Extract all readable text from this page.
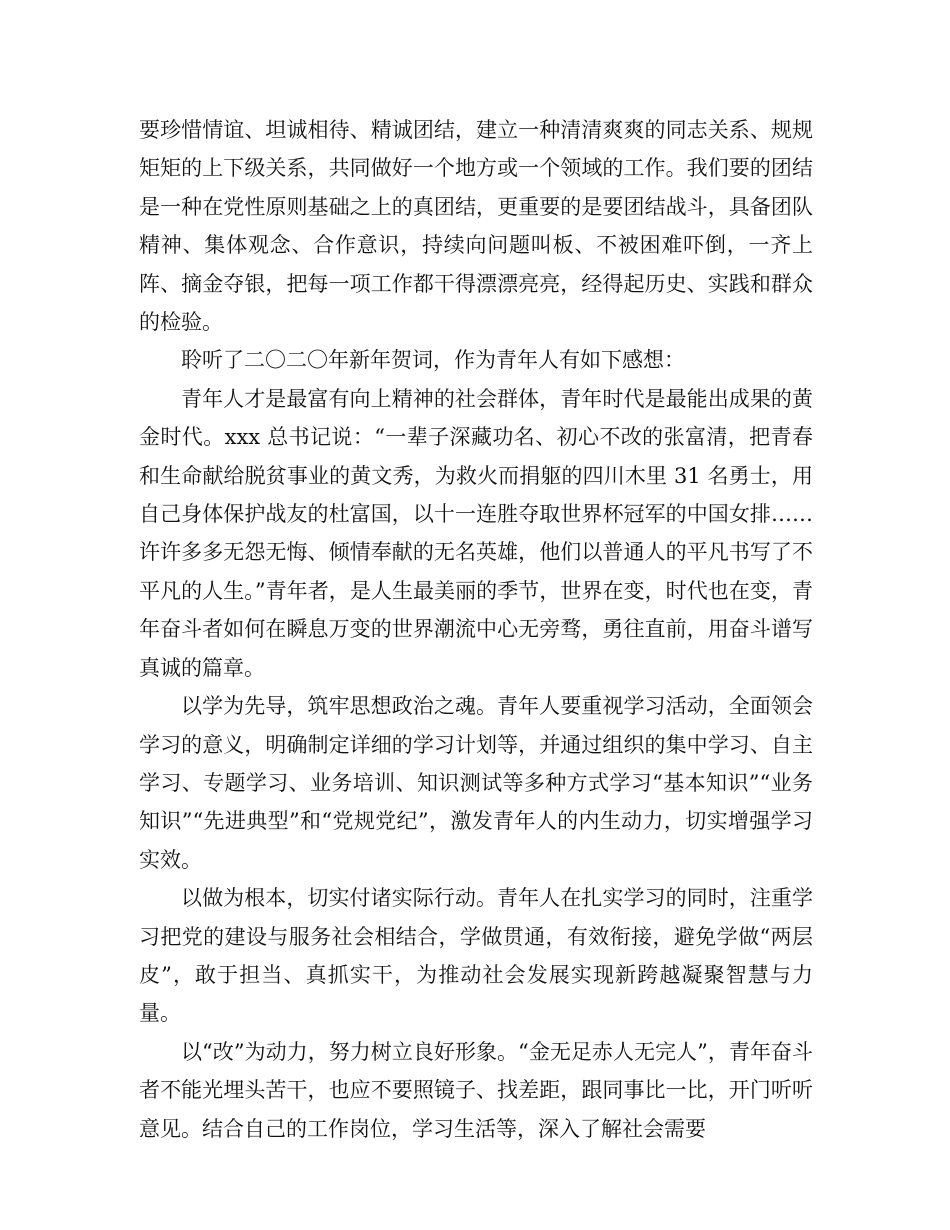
要珍惜情谊、坦诚相待、精诚团结，建立一种清清爽爽的同志关系、规规矩矩的上下级关系，共同做好一个地方或一个领域的工作。我们要的团结是一种在党性原则基础之上的真团结，更重要的是要团结战斗，具备团队精神、集体观念、合作意识，持续向问题叫板、不被困难吓倒，一齐上阵、摘金夺银，把每一项工作都干得漂漂亮亮，经得起历史、实践和群众的检验。

聆听了二〇二〇年新年贺词，作为青年人有如下感想：

青年人才是最富有向上精神的社会群体，青年时代是最能出成果的黄金时代。xxx 总书记说：“一辈子深藏功名、初心不改的张富清，把青春和生命献给脱贫事业的黄文秀，为救火而捐躯的四川木里 31 名勇士，用自己身体保护战友的杜富国，以十一连胜夺取世界杯冠军的中国女排……许许多多无怨无悔、倾情奉献的无名英雄，他们以普通人的平凡书写了不平凡的人生。”青年者，是人生最美丽的季节，世界在变，时代也在变，青年奋斗者如何在瞬息万变的世界潮流中心无旁骛，勇往直前，用奋斗谱写真诚的篇章。

以学为先导，筑牢思想政治之魂。青年人要重视学习活动，全面领会学习的意义，明确制定详细的学习计划等，并通过组织的集中学习、自主学习、专题学习、业务培训、知识测试等多种方式学习“基本知识”“业务知识”“先进典型”和“党规党纪”，激发青年人的内生动力，切实增强学习实效。

以做为根本，切实付诸实际行动。青年人在扎实学习的同时，注重学习把党的建设与服务社会相结合，学做贯通，有效衔接，避免学做“两层皮”，敢于担当、真抓实干，为推动社会发展实现新跨越凝聚智慧与力量。

以“改”为动力，努力树立良好形象。“金无足赤人无完人”，青年奋斗者不能光埋头苦干，也应不要照镜子、找差距，跟同事比一比，开门听听意见。结合自己的工作岗位，学习生活等，深入了解社会需要
